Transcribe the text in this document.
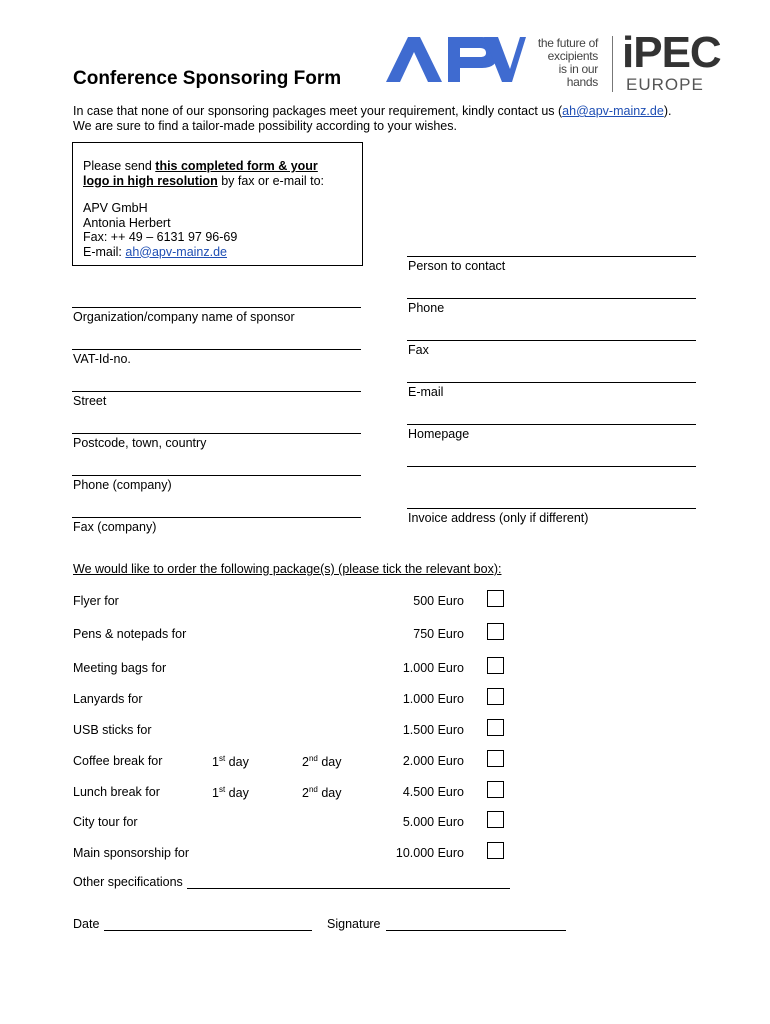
the future of
excipients
is in our hands
iPEC
EUROPE
Conference Sponsoring Form
In case that none of our sponsoring packages meet your requirement, kindly contact us (ah@apv-mainz.de).
We are sure to find a tailor-made possibility according to your wishes.
Please send this completed form & your
logo in high resolution by fax or e-mail to:
APV GmbH
Antonia Herbert
Fax: ++ 49 – 6131 97 96-69
E-mail: ah@apv-mainz.de
Organization/company name of sponsor
VAT-Id-no.
Street
Postcode, town, country
Phone (company)
Fax (company)
Person to contact
Phone
Fax
E-mail
Homepage
Invoice address (only if different)
We would like to order the following package(s) (please tick the relevant box):
Flyer for	500 Euro
Pens & notepads for	750 Euro
Meeting bags for	1.000 Euro
Lanyards for	1.000 Euro
USB sticks for	1.500 Euro
Coffee break for	1st day	2nd day	2.000 Euro
Lunch break for	1st day	2nd day	4.500 Euro
City tour for	5.000 Euro
Main sponsorship for	10.000 Euro
Other specifications
Date	Signature
